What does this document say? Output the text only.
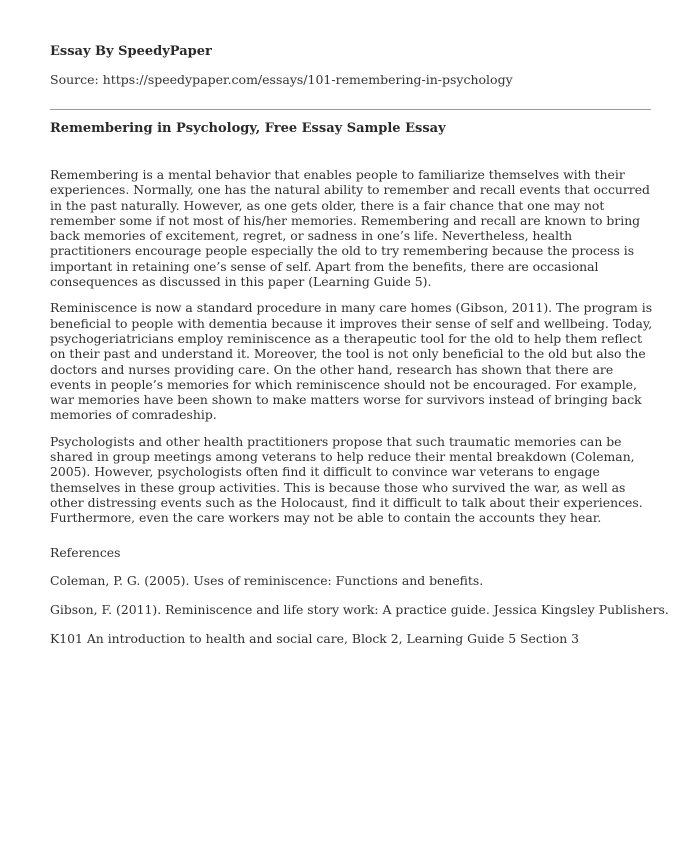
Essay By SpeedyPaper
Source: https://speedypaper.com/essays/101-remembering-in-psychology
Remembering in Psychology, Free Essay Sample Essay

Remembering is a mental behavior that enables people to familiarize themselves with their experiences. Normally, one has the natural ability to remember and recall events that occurred in the past naturally. However, as one gets older, there is a fair chance that one may not remember some if not most of his/her memories. Remembering and recall are known to bring back memories of excitement, regret, or sadness in one’s life. Nevertheless, health practitioners encourage people especially the old to try remembering because the process is important in retaining one’s sense of self. Apart from the benefits, there are occasional consequences as discussed in this paper (Learning Guide 5).

Reminiscence is now a standard procedure in many care homes (Gibson, 2011). The program is beneficial to people with dementia because it improves their sense of self and wellbeing. Today, psychogeriatricians employ reminiscence as a therapeutic tool for the old to help them reflect on their past and understand it. Moreover, the tool is not only beneficial to the old but also the doctors and nurses providing care. On the other hand, research has shown that there are events in people’s memories for which reminiscence should not be encouraged. For example, war memories have been shown to make matters worse for survivors instead of bringing back memories of comradeship.

Psychologists and other health practitioners propose that such traumatic memories can be shared in group meetings among veterans to help reduce their mental breakdown (Coleman, 2005). However, psychologists often find it difficult to convince war veterans to engage themselves in these group activities. This is because those who survived the war, as well as other distressing events such as the Holocaust, find it difficult to talk about their experiences. Furthermore, even the care workers may not be able to contain the accounts they hear.

References
Coleman, P. G. (2005). Uses of reminiscence: Functions and benefits.
Gibson, F. (2011). Reminiscence and life story work: A practice guide. Jessica Kingsley Publishers.
K101 An introduction to health and social care, Block 2, Learning Guide 5 Section 3
